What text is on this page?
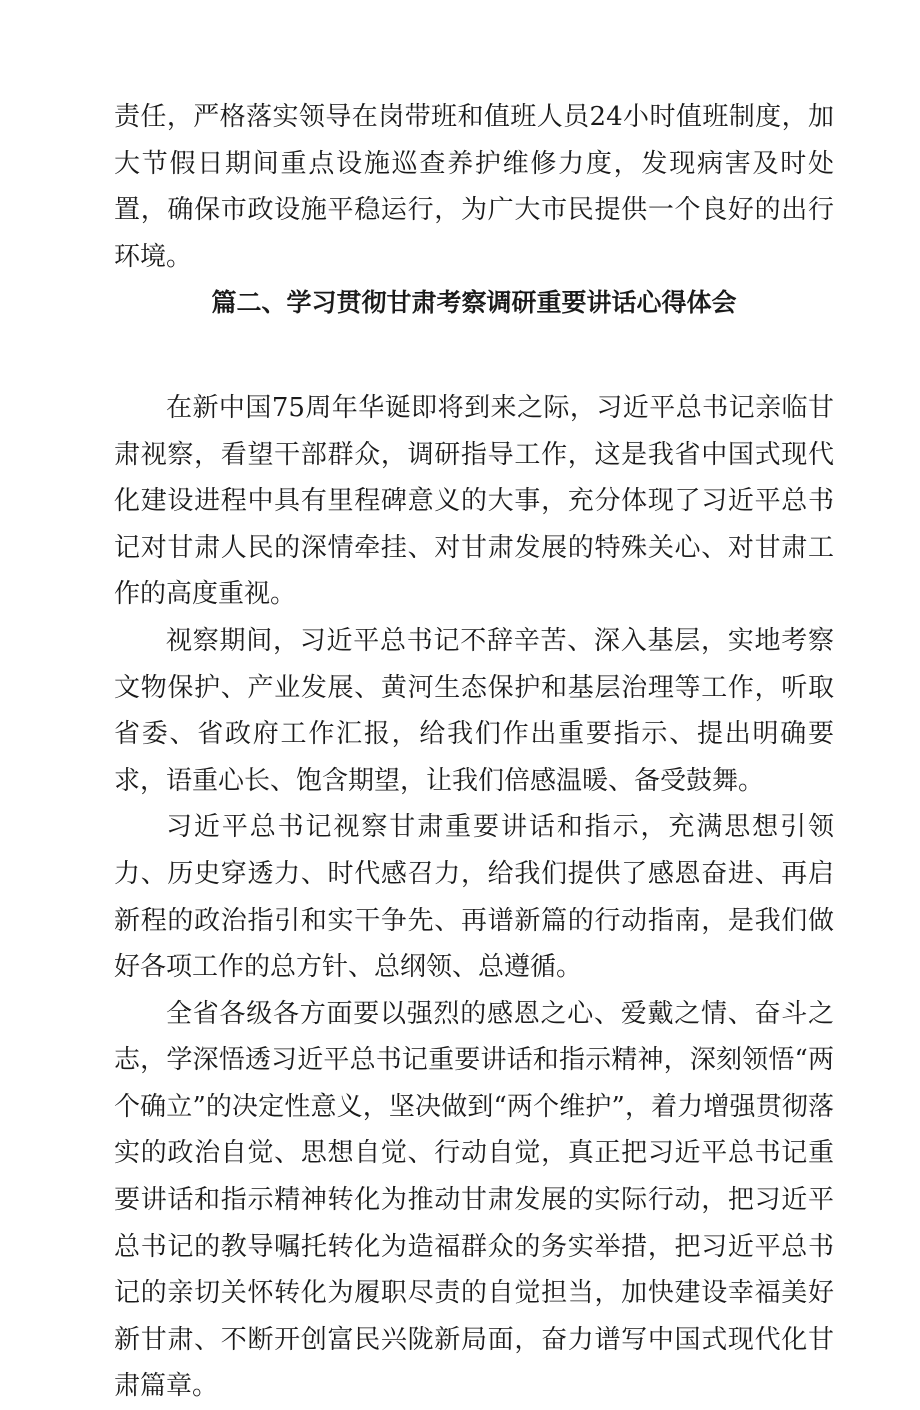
责任，严格落实领导在岗带班和值班人员24小时值班制度，加大节假日期间重点设施巡查养护维修力度，发现病害及时处置，确保市政设施平稳运行，为广大市民提供一个良好的出行环境。

篇二、学习贯彻甘肃考察调研重要讲话心得体会

在新中国75周年华诞即将到来之际，习近平总书记亲临甘肃视察，看望干部群众，调研指导工作，这是我省中国式现代化建设进程中具有里程碑意义的大事，充分体现了习近平总书记对甘肃人民的深情牵挂、对甘肃发展的特殊关心、对甘肃工作的高度重视。

视察期间，习近平总书记不辞辛苦、深入基层，实地考察文物保护、产业发展、黄河生态保护和基层治理等工作，听取省委、省政府工作汇报，给我们作出重要指示、提出明确要求，语重心长、饱含期望，让我们倍感温暖、备受鼓舞。

习近平总书记视察甘肃重要讲话和指示，充满思想引领力、历史穿透力、时代感召力，给我们提供了感恩奋进、再启新程的政治指引和实干争先、再谱新篇的行动指南，是我们做好各项工作的总方针、总纲领、总遵循。

全省各级各方面要以强烈的感恩之心、爱戴之情、奋斗之志，学深悟透习近平总书记重要讲话和指示精神，深刻领悟“两个确立”的决定性意义，坚决做到“两个维护”，着力增强贯彻落实的政治自觉、思想自觉、行动自觉，真正把习近平总书记重要讲话和指示精神转化为推动甘肃发展的实际行动，把习近平总书记的教导嘱托转化为造福群众的务实举措，把习近平总书记的亲切关怀转化为履职尽责的自觉担当，加快建设幸福美好新甘肃、不断开创富民兴陇新局面，奋力谱写中国式现代化甘肃篇章。
